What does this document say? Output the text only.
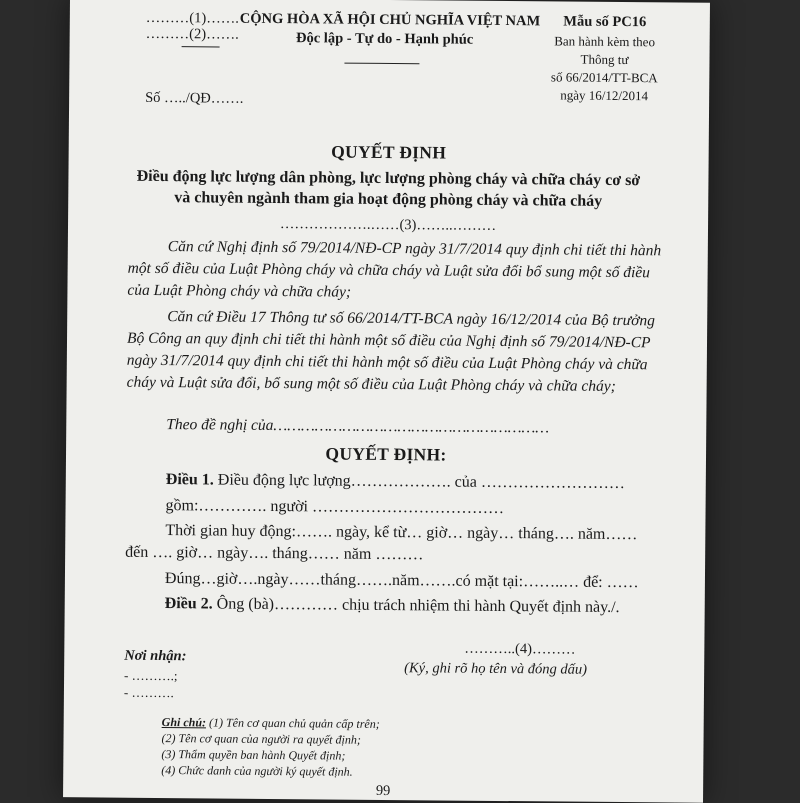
………(1)…….
………(2)…….
CỘNG HÒA XÃ HỘI CHỦ NGHĨA VIỆT NAM
Độc lập - Tự do - Hạnh phúc
Mẫu số PC16
Ban hành kèm theo
Thông tư
số 66/2014/TT-BCA
ngày 16/12/2014
Số …../QĐ…….
QUYẾT ĐỊNH
Điều động lực lượng dân phòng, lực lượng phòng cháy và chữa cháy cơ sở
và chuyên ngành tham gia hoạt động phòng cháy và chữa cháy
……………….……(3)……..………
Căn cứ Nghị định số 79/2014/NĐ-CP ngày 31/7/2014 quy định chi tiết thi hành một số điều của Luật Phòng cháy và chữa cháy và Luật sửa đổi bổ sung một số điều của Luật Phòng cháy và chữa cháy;
Căn cứ Điều 17 Thông tư số 66/2014/TT-BCA ngày 16/12/2014 của Bộ trưởng Bộ Công an quy định chi tiết thi hành một số điều của Nghị định số 79/2014/NĐ-CP ngày 31/7/2014 quy định chi tiết thi hành một số điều của Luật Phòng cháy và chữa cháy và Luật sửa đổi, bổ sung một số điều của Luật Phòng cháy và chữa cháy;
Theo đề nghị của……………………………………………………
QUYẾT ĐỊNH:
Điều 1. Điều động lực lượng………………. của ………………………
gồm:…………. người ………………………………
Thời gian huy động:……. ngày, kể từ… giờ… ngày… tháng…. năm……
đến …. giờ… ngày…. tháng…… năm ………
Đúng…giờ….ngày……tháng…….năm…….có mặt tại:……..… để: ……
Điều 2. Ông (bà)………… chịu trách nhiệm thi hành Quyết định này./.
………..(4)………
Nơi nhận:
(Ký, ghi rõ họ tên và đóng dấu)
- ……….;
- ……….
Ghi chú: (1) Tên cơ quan chủ quản cấp trên;
(2) Tên cơ quan của người ra quyết định;
(3) Thẩm quyền ban hành Quyết định;
(4) Chức danh của người ký quyết định.
99
